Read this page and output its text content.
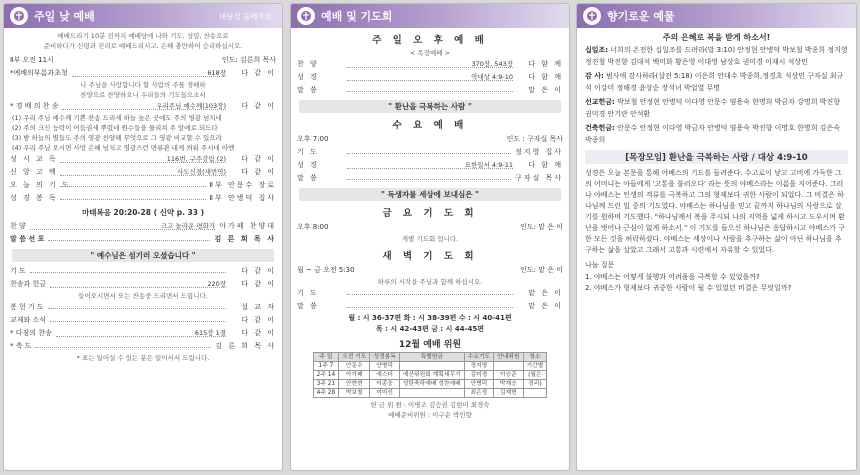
주일 낮 예배	대림절 둘째주일
예배드리기 10분 전까지 예배당에 나와 기도, 성령, 찬송으로
준비하다가 신령과 진리로 예배드리시고, 은혜 충만하여 승리하십시오.
Ⅱ부 오전 11시	인도: 김른희 목사
*예배의부름과초청	618장	다 같 이
나 주님을 사랑합니다 할 사람의 주를 경배하
찬양으로 찬양하오니 우리들의 기도들으소서
* 경 배 의 찬 송	우리주님 예수께(103장)	다 같 이
(1) 우리 주님 예수께 기쁜 찬송 드리세 하늘 높은 곳에도 주의 영광 넘치네
(2) 주의 크신 능력이 어둠권세 뿌렸네 원수들을 물리쳐 주 앞에로 되드다
(3) 밤 하늘의 별들도 주의 영광 찬양해 무엇으로 그 영광 비교할 수 있으랴
(4) 우리 주님 오시면 사망 은혜 넘치고 영광스런 면류관 내게 씌워 주시네 아멘
성 시 교 독	116번, 구주강림 (2)	다 같 이
신 앙 고 백	사도신경(새번역)	다 같 이
오 늘 의 기 도	Ⅱ부 안문수 장로
성 경 봉 독	Ⅱ부 안병덕 집사
마태복음 20:20-28 ( 신약 p. 33 )
찬 양	크고 놀라운 평화가 아가페 찬양대
말 씀 선 포	김 른 희 목 사
" 예수님은 섬기러 오셨습니다 "
기 도	다 같 이
찬송과 헌금	220장	다 같 이
들어오시면서 또는 찬송중 드리면서 드립니다.
봉 헌 기 도	설 교 자
교제와 소식	다 같 이
* 다짐의 찬송	615장 1절	다 같 이
* 축 도	김 른 희 목 사
* 표는 일어설 수 있는 분은 일어서서 드립니다.
예배 및 기도회
주 일 오 후 예 배
< 목장예배 >
찬 양	370장, 543장	다 함 께
성 경	역대상 4:9-10	다 함 께
말 씀	말 은 이
" 환난을 극복하는 사람 "
수 요 예 배
오후 7:00	인도 : 구자실 목사
기 도	정지영 집사
성 경	요한일서 4:9-11	다 함 께
말 씀	구자실 목사
" 독생자를 세상에 보내심은 "
금 요 기 도 회
오후 8:00	인도: 맡 은 이
개별 기도회 입니다.
새 벽 기 도 회
월 ~ 금 오전 5:30	인도: 맡 은 이
하루의 시작을 주님과 함께 하십시오.
기 도	맡 은 이
말 씀	맡 은 이
월 : 시 36-37편 화 : 시 38-39편 수 : 시 40-41편
목 : 시 42-43편 금 : 시 44-45편
12월 예배 위원
주 일	오전 기도	성경봉독	특별헌금	수요기도	안내위원	청소
1주 7	안문수	안병덕		정지영		기간별
2주 14	아가페	예스더	예산위원회 계획세우기	김미경	이승준	(월은
3주 21	안현현	이종웅	성탄축하예배 성찬예배	안병덕	박재승	정리)
4주 28	박보철	이미선		최은정	김재현	
헌 금 위 원 : 이병조 김승권 김현미 최경숙
예배준비위원 : 이구순 박민향
향기로운 예물
주의 은혜로 복을 받게 하소서!
십일조: 너희의 온전한 십일조를 드려라(말 3:10) 안정현 안병덕 박보철 박종희 정지영 정진철 박진향 김대석 백미화 황은영 이대영 남상호 권미경 이재시 석상민
감 사: 범사에 감사하라(살전 5:18) 이은희 안대수 박종희,정경초 석상민 구자실 최규석 이강미 정해경 윤상순 장석녀 박업열 무명
선교헌금: 박보철 안정현 안병덕 이다영 안문수 염용숙 한명희 박금자 강명희 박진향 권미경 안기란 안석환
건축헌금: 안문수 안정현 이다영 박금자 안병덕 염용숙 박진향 이명호 한명희 김은숙 박종희
[목장모임] 환난을 극복하는 사람 / 대상 4:9-10
성경은 오늘 본문을 통해 야베스의 기도를 들려준다. 수고로이 낳고 고비에 가득한 그의 어머니는 아들에게 '고통을 불러오다' 라는 뜻의 야베스라는 이름을 지어준다. 그러나 야베스는 인생의 격류를 극복하고 그의 형제보다 귀한 사람이 되었다. 그 비결은 하나님께 드린 일 중의 기도였다. 야베스는 하나님을 믿고 끝까지 하나님의 사랑으로 살기를 원하며 기도했다. "하나님께서 복을 주시되 나의 지역을 넓게 하시고 도우시며 환난을 벗어나 근심이 없게 하소서." 이 기도를 들으신 하나님은 응답하시고 야베스가 구한 모든 것을 허락하셨다. 야베스는 세상이나 사람을 추구하는 삶이 아닌 하나님을 추구하는 삶을 살았고 그래서 고통과 시련에서 자유할 수 있었다.
나눔 질문
1. 야베스는 어떻게 불행과 어려움을 극복할 수 있었을까?
2. 야베스가 형제보다 귀중한 사람이 될 수 있었던 비결은 무엇일까?
